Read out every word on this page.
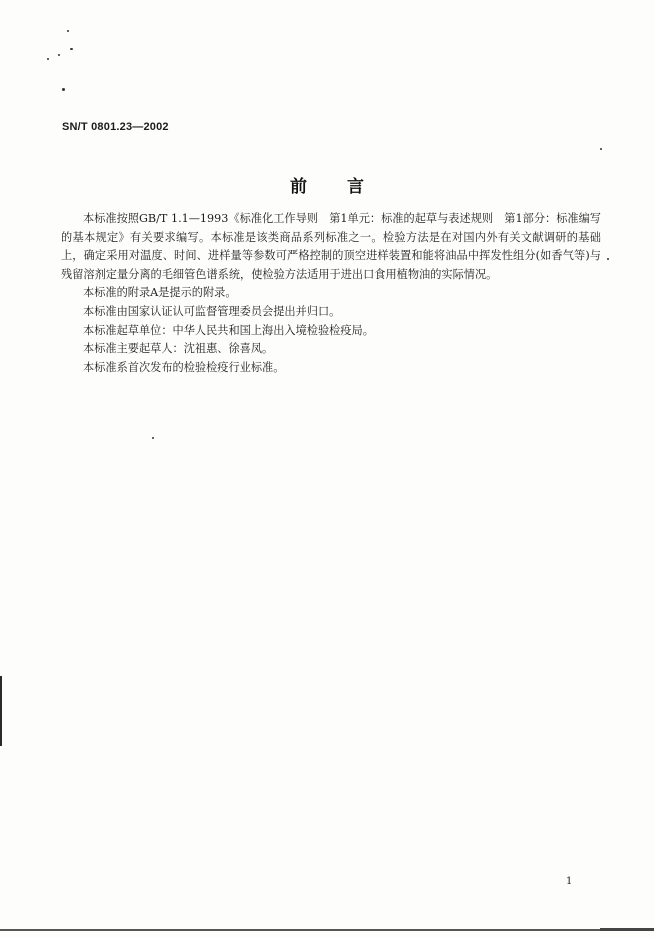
SN/T 0801.23—2002
前言

本标准按照GB/T 1.1—1993《标准化工作导则　第1单元：标准的起草与表述规则　第1部分：标准编写的基本规定》有关要求编写。本标准是该类商品系列标准之一。检验方法是在对国内外有关文献调研的基础上，确定采用对温度、时间、进样量等参数可严格控制的顶空进样装置和能将油品中挥发性组分(如香气等)与残留溶剂定量分离的毛细管色谱系统，使检验方法适用于进出口食用植物油的实际情况。

本标准的附录A是提示的附录。

本标准由国家认证认可监督管理委员会提出并归口。

本标准起草单位：中华人民共和国上海出入境检验检疫局。

本标准主要起草人：沈祖惠、徐喜凤。

本标准系首次发布的检验检疫行业标准。

1
